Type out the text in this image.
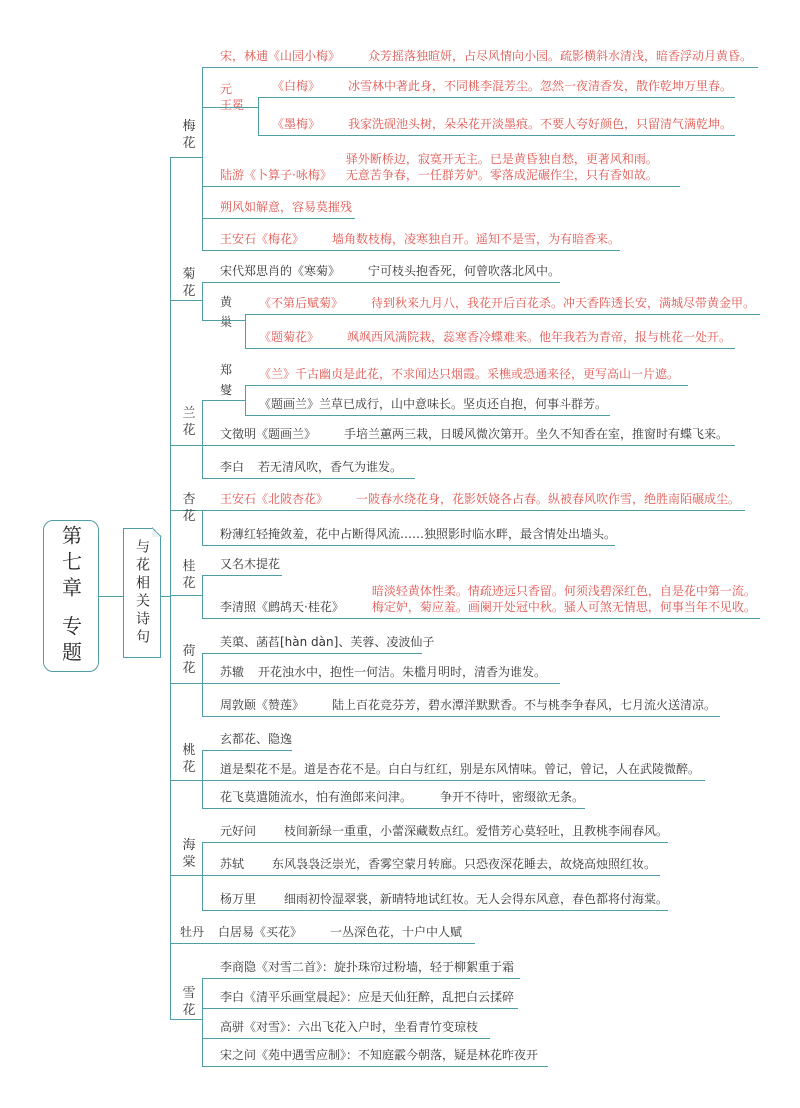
第七章 专题	与花相关诗句
梅花
宋，林逋《山园小梅》 众芳摇落独暄妍，占尽风情向小园。疏影横斜水清浅，暗香浮动月黄昏。
元
王冕
《白梅》 冰雪林中著此身，不同桃李混芳尘。忽然一夜清香发，散作乾坤万里春。
《墨梅》 我家洗砚池头树，朵朵花开淡墨痕。不要人夸好颜色，只留清气满乾坤。
陆游《卜算子·咏梅》
驿外断桥边，寂寞开无主。已是黄昏独自愁，更著风和雨。
无意苦争春，一任群芳妒。零落成泥碾作尘，只有香如故。
朔风如解意，容易莫摧残
王安石《梅花》 墙角数枝梅，凌寒独自开。遥知不是雪，为有暗香来。
菊花
宋代郑思肖的《寒菊》 宁可枝头抱香死，何曾吹落北风中。
黄
巢
《不第后赋菊》 待到秋来九月八，我花开后百花杀。冲天香阵透长安，满城尽带黄金甲。
《题菊花》 飒飒西风满院栽，蕊寒香冷蝶难来。他年我若为青帝，报与桃花一处开。
兰花
郑
燮
《兰》 千古幽贞是此花，不求闻达只烟霞。采樵或恐通来径，更写高山一片遮。
《题画兰》 兰草已成行，山中意味长。坚贞还自抱，何事斗群芳。
文徵明《题画兰》 手培兰蕙两三栽，日暖风微次第开。坐久不知香在室，推窗时有蝶飞来。
李白 若无清风吹，香气为谁发。
杏花
王安石《北陂杏花》 一陂春水绕花身，花影妖娆各占春。纵被春风吹作雪，绝胜南陌碾成尘。
粉薄红轻掩敛羞，花中占断得风流……独照影时临水畔，最含情处出墙头。
桂花
又名木提花
李清照《鹧鸪天·桂花》
暗淡轻黄体性柔。情疏迹远只香留。何须浅碧深红色，自是花中第一流。
梅定妒，菊应羞。画阑开处冠中秋。骚人可煞无情思，何事当年不见收。
荷花
芙蕖、菡萏[hàn dàn]、芙蓉、凌波仙子
苏辙 开花浊水中，抱性一何洁。朱槛月明时，清香为谁发。
周敦颐《赞莲》 陆上百花竞芬芳，碧水潭洋默默香。不与桃李争春风，七月流火送清凉。
桃花
玄都花、隐逸
道是梨花不是。道是杏花不是。白白与红红，别是东风情味。曾记，曾记，人在武陵微醉。
花飞莫遣随流水，怕有渔郎来问津。 争开不待叶，密缀欲无条。
海棠
元好问 枝间新绿一重重，小蕾深藏数点红。爱惜芳心莫轻吐，且教桃李闹春风。
苏轼 东风袅袅泛崇光，香雾空蒙月转廊。只恐夜深花睡去，故烧高烛照红妆。
杨万里 细雨初怜湿翠裳，新晴特地试红妆。无人会得东风意，春色都将付海棠。
牡丹 白居易《买花》 一丛深色花，十户中人赋
雪花
李商隐《对雪二首》：旋扑珠帘过粉墙，轻于柳絮重于霜
李白《清平乐画堂晨起》：应是天仙狂醉，乱把白云揉碎
高骈《对雪》：六出飞花入户时，坐看青竹变琼枝
宋之问《苑中遇雪应制》：不知庭霰今朝落，疑是林花昨夜开
